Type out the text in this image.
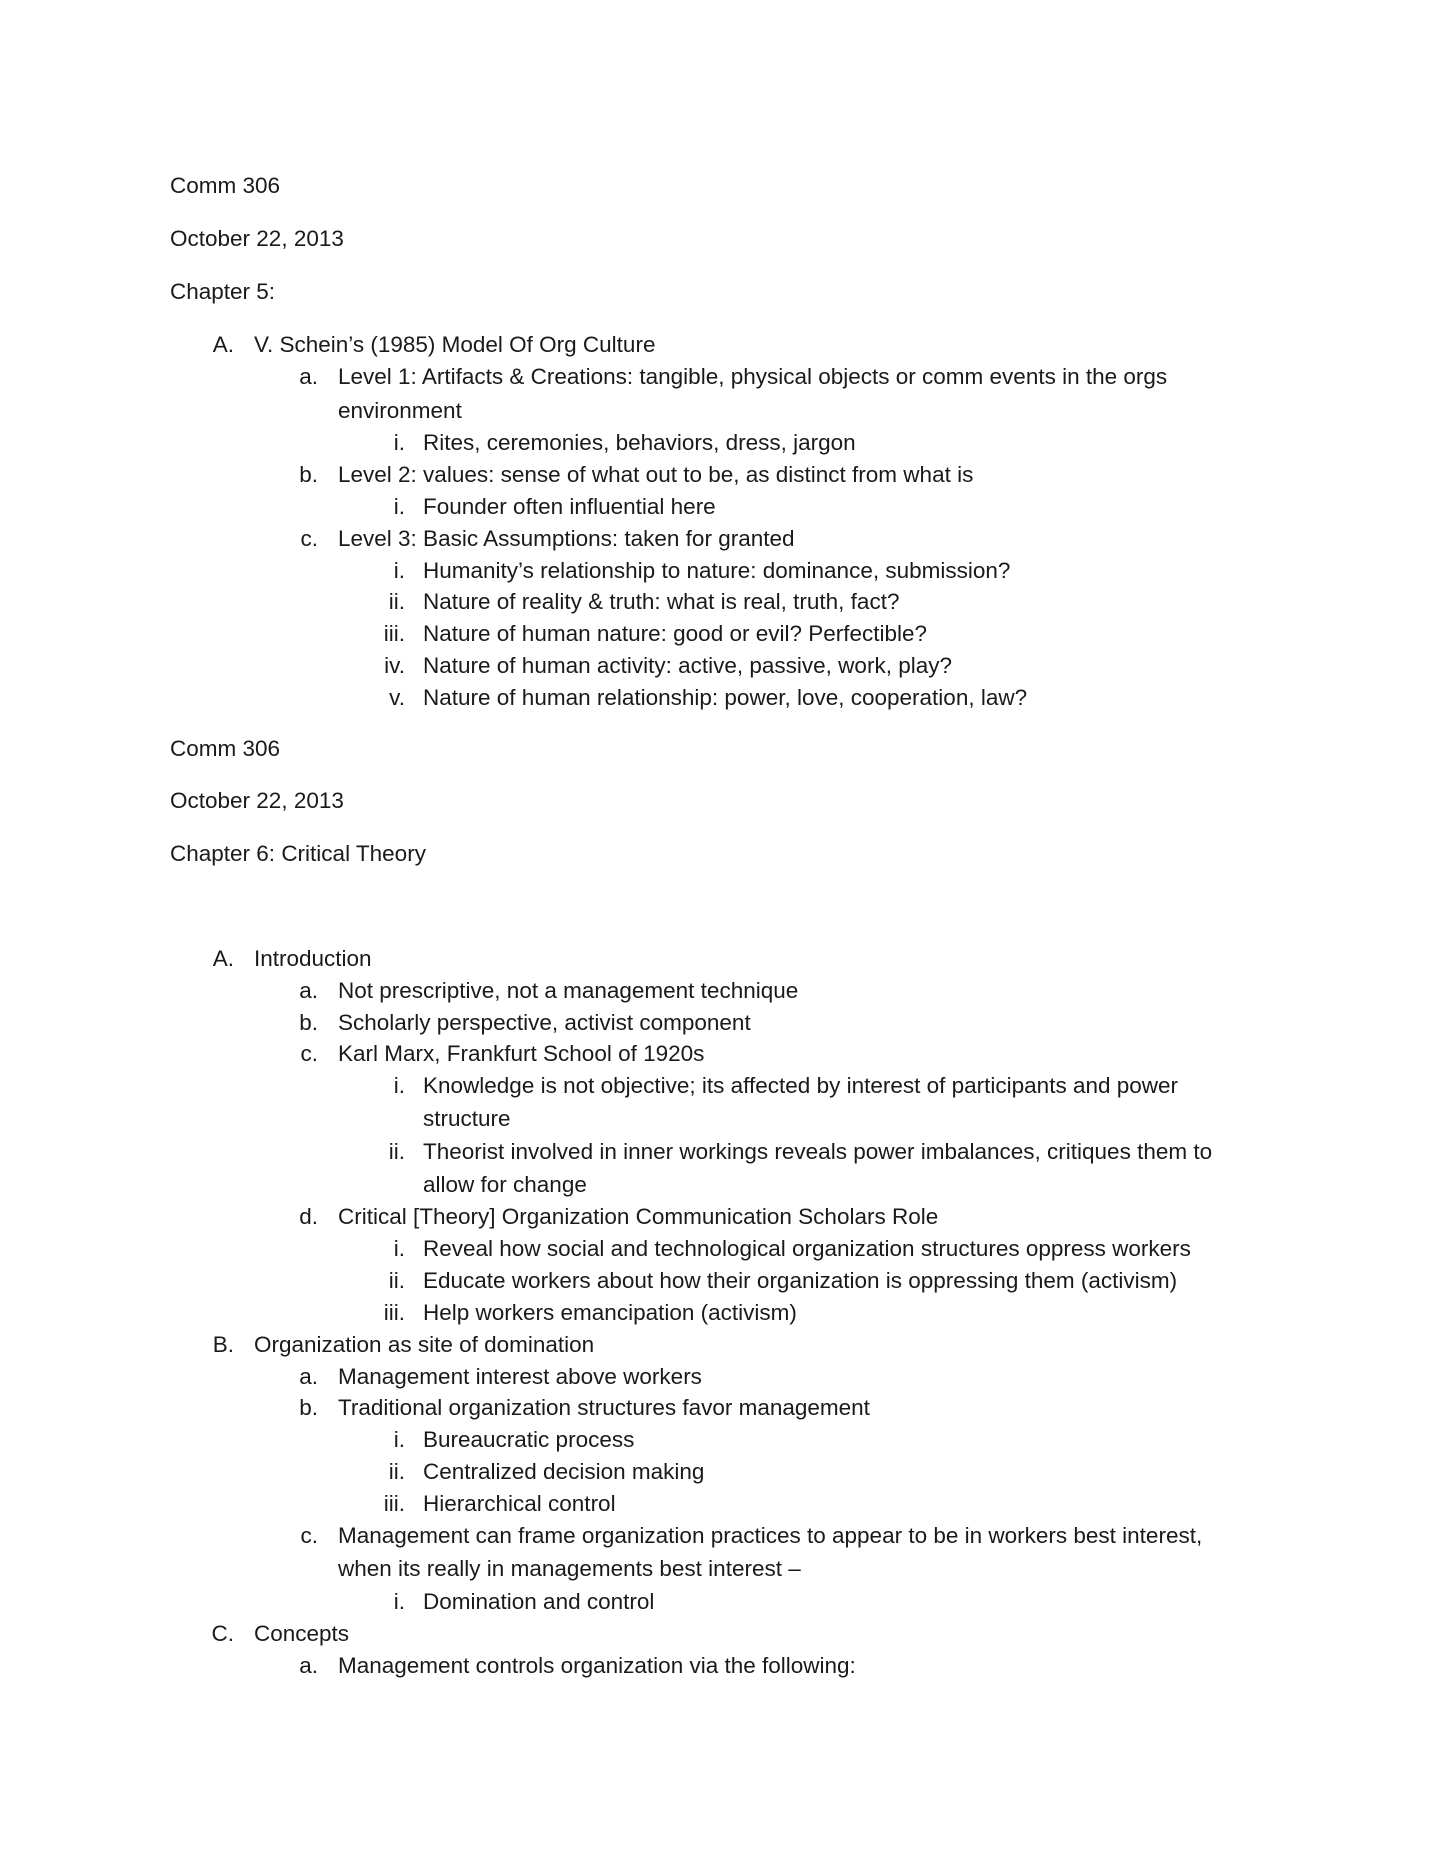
Comm 306
October 22, 2013
Chapter 5:
A. V. Schein’s (1985) Model Of Org Culture
a. Level 1: Artifacts & Creations: tangible, physical objects or comm events in the orgs
environment
i. Rites, ceremonies, behaviors, dress, jargon
b. Level 2: values: sense of what out to be, as distinct from what is
i. Founder often influential here
c. Level 3: Basic Assumptions: taken for granted
i. Humanity’s relationship to nature: dominance, submission?
ii. Nature of reality & truth: what is real, truth, fact?
iii. Nature of human nature: good or evil? Perfectible?
iv. Nature of human activity: active, passive, work, play?
v. Nature of human relationship: power, love, cooperation, law?
Comm 306
October 22, 2013
Chapter 6: Critical Theory
A. Introduction
a. Not prescriptive, not a management technique
b. Scholarly perspective, activist component
c. Karl Marx, Frankfurt School of 1920s
i. Knowledge is not objective; its affected by interest of participants and power
structure
ii. Theorist involved in inner workings reveals power imbalances, critiques them to
allow for change
d. Critical [Theory] Organization Communication Scholars Role
i. Reveal how social and technological organization structures oppress workers
ii. Educate workers about how their organization is oppressing them (activism)
iii. Help workers emancipation (activism)
B. Organization as site of domination
a. Management interest above workers
b. Traditional organization structures favor management
i. Bureaucratic process
ii. Centralized decision making
iii. Hierarchical control
c. Management can frame organization practices to appear to be in workers best interest,
when its really in managements best interest –
i. Domination and control
C. Concepts
a. Management controls organization via the following:
